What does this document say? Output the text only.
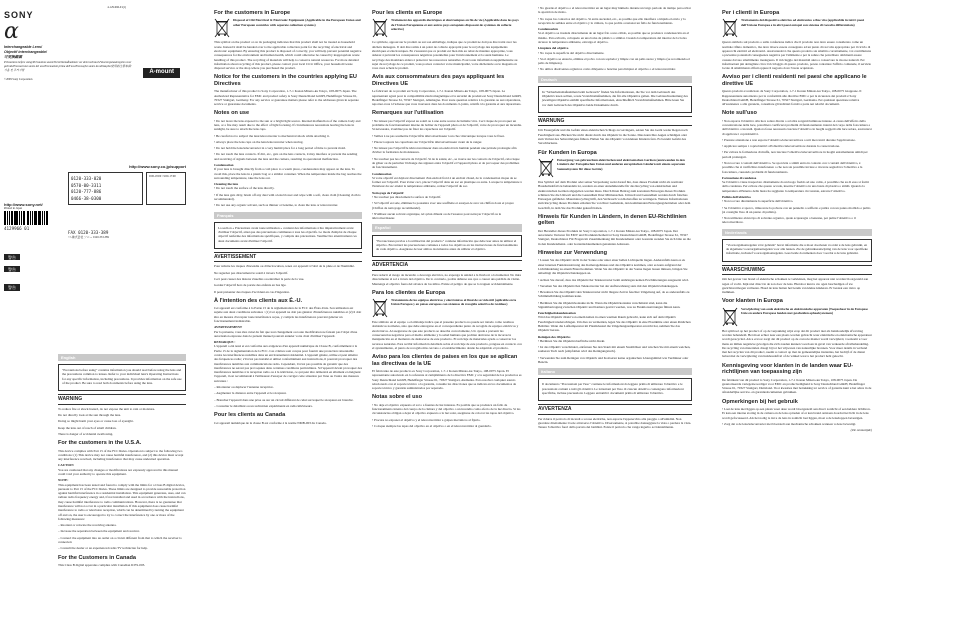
4-129-966-01(1)
SONY
α
Interchangeable Lens/
Objectif interchangeable/
可更換鏡頭
Précautions before using/Précautions avant/Vorsichtsmaßnahmen vor dem Gebrauch/Voorzorgsmaatregelen voor gebruik/Precauciones antes del uso/Precauzioni prima dell'uso/Precauções antes da utilização/使用前注意事項/사용 전 주의사항	A-mount
©2009 Sony Corporation
http://www.sony.co.jp/support
0120-333-020
0570-00-3311
0120-777-886
0466-38-0300
9:00-18:00 / 9:00-17:00
http://www.sony.net/
Printed in Japan
4129966 01
FAX 0120-333-389
××-株式会社 ソニー 0120-333-389
警告
警告
警告
English

"Precautions before using" contains information you should read before using the lens and the precautions common to lenses. Refer to your individual lens's Operating Instructions for any specific information, including precautions. It provides information on the safe use of the product. Be sure to read both documents before using the lens.

WARNING

To reduce fire or shock hazard, do not expose the unit to rain or moisture.

Do not directly look at the sun through the lens.

Doing so might harm your eyes or cause loss of eyesight.

Keep the lens out of reach of small children.

There is danger of accidental swallowing.

For the customers in the U.S.A.

This device complies with Part 15 of the FCC Rules. Operation is subject to the following two conditions: (1) This device may not cause harmful interference, and (2) this device must accept any interference received, including interference that may cause undesired operation.

CAUTION

You are cautioned that any changes or modifications not expressly approved in this manual could void your authority to operate this equipment.

NOTE:

This equipment has been tested and found to comply with the limits for a Class B digital device, pursuant to Part 15 of the FCC Rules. These limits are designed to provide reasonable protection against harmful interference in a residential installation. This equipment generates, uses, and can radiate radio frequency energy and, if not installed and used in accordance with the instructions, may cause harmful interference to radio communications. However, there is no guarantee that interference will not occur in a particular installation. If this equipment does cause harmful interference to radio or television reception, which can be determined by turning the equipment off and on, the user is encouraged to try to correct the interference by one or more of the following measures:

– Reorient or relocate the receiving antenna.

– Increase the separation between the equipment and receiver.

– Connect the equipment into an outlet on a circuit different from that to which the receiver is connected.

– Consult the dealer or an experienced radio/TV technician for help.

For the Customers in Canada

This Class B digital apparatus complies with Canadian ICES-003.

For the customers in Europe

Disposal of Old Electrical & Electronic Equipment (Applicable in the European Union and other European countries with separate collection systems)

This symbol on the product or on its packaging indicates that this product shall not be treated as household waste. Instead it shall be handed over to the applicable collection point for the recycling of electrical and electronic equipment. By ensuring this product is disposed of correctly, you will help prevent potential negative consequences for the environment and human health, which could otherwise be caused by inappropriate waste handling of this product. The recycling of materials will help to conserve natural resources. For more detailed information about recycling of this product, please contact your local Civic Office, your household waste disposal service or the shop where you purchased the product.

Notice for the customers in the countries applying EU Directives

The manufacturer of this product is Sony Corporation, 1-7-1 Konan Minato-ku Tokyo, 108-0075 Japan. The Authorized Representative for EMC and product safety is Sony Deutschland GmbH, Hedelfinger Strasse 61, 70327 Stuttgart, Germany. For any service or guarantee matters please refer to the addresses given in separate service or guarantee documents.

Notes on use

• Do not leave the lens exposed to the sun or a bright light source. Internal malfunction of the camera body and lens, or a fire may result due to the effect of light focusing. If circumstances necessitate leaving the lens in sunlight, be sure to attach the lens caps.

• Be careful not to subject the lens/teleconverter to mechanical shock while attaching it.

• Always place the lens caps on the lens/teleconverter when storing.

• Do not hold the lens/teleconverter in a very humid place for a long period of time to prevent mold.

• Do not touch the lens contacts. If dirt, etc., gets on the lens contacts, it may interfere or prevent the sending and receiving of signals between the lens and the camera, resulting in operational malfunction.

Condensation

If your lens is brought directly from a cold place to a warm place, condensation may appear on the lens. To avoid this, place the lens in a plastic bag or a similar container. When the temperature inside the bag reaches the surrounding temperature, take the lens out.

Cleaning the lens

• Do not touch the surface of the lens directly.

• If the lens gets dirty, brush off any dust with a lens blower and wipe with a soft, clean cloth (Cleaning cloth is recommended).

• Do not use any organic solvent, such as thinner or benzine, to clean the lens or teleconverter.

Français

La section « Précautions avant toute utilisation » contient des informations à lire impérativement avant d'utiliser l'objectif, ainsi que des précautions communes à tous les objectifs. Le mode d'emploi de chaque objectif renferme des informations spécifiques, y compris des précautions. Veuillez lire attentivement ces deux documents avant d'utiliser l'objectif.

AVERTISSEMENT

Pour réduire les risques d'incendie ou d'électrocution, tenez cet appareil à l'abri de la pluie et de l'humidité.

Ne regardez pas directement le soleil à travers l'objectif.

Ceci peut causer des lésions visuelles ou entraîner la perte de la vue.

Gardez l'objectif hors de portée des enfants en bas âge.

Il peut présenter des risques d'accident en cas d'ingestion.

À l'intention des clients aux É.-U.

Cet appareil est conforme à la Partie 15 de la réglementation de la FCC des États-Unis. Son utilisation est sujette aux deux conditions suivantes : (1) Cet appareil ne doit pas générer d'interférences nuisibles et (2) il doit être en mesure d'accepter toute interférence reçue, y compris les interférences pouvant générer un fonctionnement indésirable.

AVERTISSEMENT

Par la présente, vous êtes avisé du fait que tout changement ou toute modification ne faisant pas l'objet d'une autorisation expresse dans le présent manuel pourrait annuler votre droit d'utiliser l'appareil.

REMARQUE :

L'appareil a été testé et est conforme aux exigences d'un appareil numérique de Classe B, conformément à la Partie 15 de la réglementation de la FCC. Ces critères sont conçus pour fournir une protection raisonnable contre les interférences nuisibles dans un environnement résidentiel. L'appareil génère, utilise et peut émettre des fréquences radio; s'il n'est pas installé et utilisé conformément aux instructions, il pourrait provoquer des interférences nuisibles aux communications radio. Cependant, il n'est pas possible de garantir que des interférences ne seront pas provoquées dans certaines conditions particulières. Si l'appareil devait provoquer des interférences nuisibles à la réception radio ou à la télévision, ce qui peut être démontré en allumant et éteignant l'appareil, il est recommandé à l'utilisateur d'essayer de corriger cette situation par l'une ou l'autre des mesures suivantes :

– Réorienter ou déplacer l'antenne réceptrice.

– Augmenter la distance entre l'appareil et le récepteur.

– Brancher l'appareil dans une prise ou sur un circuit différent de celui sur lequel le récepteur est branché.

– Consulter le détaillant ou un technicien expérimenté en radio/téléviseurs.

Pour les clients au Canada

Cet appareil numérique de la classe B est conforme à la norme NMB-003 du Canada.

Pour les clients en Europe

Traitement des appareils électriques et électroniques en fin de vie (Applicable dans les pays de l'Union Européenne et aux autres pays européens disposant de systèmes de collecte sélective)

Ce symbole, apposé sur le produit ou sur son emballage, indique que ce produit ne doit pas être traité avec les déchets ménagers. Il doit être remis à un point de collecte approprié pour le recyclage des équipements électriques et électroniques. En s'assurant que ce produit est bien mis au rebut de manière appropriée, vous aiderez à prévenir les conséquences négatives potentielles pour l'environnement et la santé humaine. Le recyclage des matériaux aidera à préserver les ressources naturelles. Pour toute information supplémentaire au sujet du recyclage de ce produit, vous pouvez contacter votre municipalité, votre déchetterie ou le magasin où vous avez acheté le produit.

Avis aux consommateurs des pays appliquant les Directives UE

Le fabricant de ce produit est Sony Corporation, 1-7-1 Konan Minato-ku Tokyo, 108-0075 Japon. Le représentant agréé pour la compatibilité électromagnétique et la sécurité du produit est Sony Deutschland GmbH, Hedelfinger Strasse 61, 70327 Stuttgart, Allemagne. Pour toute question relative à la garantie ou aux réparations, reportez-vous à l'adresse que vous trouverez dans les documents ci-joints, relatifs à la garantie et aux réparations.

Remarques sur l'utilisation

• Ne laissez pas l'objectif exposé au soleil ou à une autre source de lumière vive. Ceci risque de provoquer un problème de fonctionnement interne du boîtier de l'appareil photo et de l'objectif, voire de provoquer un incendie. Si nécessaire, n'oubliez pas de fixer les capuchons sur l'objectif.

• Veillez à ne pas soumettre l'objectif/le téléconvertisseur à un choc mécanique lorsque vous le fixez.

• Placez toujours les capuchons sur l'objectif/le téléconvertisseur avant de le ranger.

• Ne laissez pas l'objectif/le téléconvertisseur dans un endroit très humide pendant une période prolongée afin d'éviter la formation de moisissures.

• Ne touchez pas les contacts de l'objectif. Si de la saleté, etc., se trouve sur les contacts de l'objectif, cela risque de gêner ou de perturber l'échange des signaux entre l'objectif et l'appareil photo et de provoquer des problèmes de fonctionnement.

Condensation

Si votre objectif est déplacé directement d'un endroit froid à un endroit chaud, de la condensation risque de se former sur l'objectif. Pour éviter ceci, placez l'objectif dans un sac en plastique ou autre. Lorsque la température à l'intérieur du sac atteint la température ambiante, retirez l'objectif du sac.

Nettoyage de l'objectif

• Ne touchez pas directement la surface de l'objectif.

• Si l'objectif est sale, éliminez la poussière avec une soufflette et essuyez-le avec un chiffon doux et propre (Chiffon de nettoyage recommandé).

• N'utilisez aucun solvant organique, tel qu'un diluant ou de l'essence pour nettoyer l'objectif ou le téléconvertisseur.

Español

"Precauciones previas a la utilización del producto" contiene información que debe leer antes de utilizar el objetivo. Encontrará las precauciones comunes a todos los objetivos en las instrucciones de funcionamiento de cada objetivo. Asegúrese de leer ambos documentos antes de utilizar el objetivo.

ADVERTENCIA

Para reducir el riesgo de incendio o descarga eléctrica, no exponga la unidad a la lluvia ni a la humedad. No mire directamente al sol a través del objetivo. De lo contrario, podría dañarse sus ojos o causar una pérdida de visión. Mantenga el objetivo fuera del alcance de los niños. Existe el peligro de que se lo traguen accidentalmente.

Para los clientes de Europa

Tratamiento de los equipos eléctricos y electrónicos al final de su vida útil (aplicable en la Unión Europea y en países europeos con sistemas de recogida selectiva de residuos)

Este símbolo en el equipo o el embalaje indica que el presente producto no puede ser tratado como residuos domésticos normales, sino que debe entregarse en el correspondiente punto de recogida de equipos eléctricos y electrónicos. Al asegurarse de que este producto se desecha correctamente, Ud. ayuda a prevenir las consecuencias negativas para el medio ambiente y la salud humana que podrían derivarse de la incorrecta manipulación en el momento de deshacerse de este producto. El reciclaje de materiales ayuda a conservar los recursos naturales. Para recibir información detallada sobre el reciclaje de este producto, póngase en contacto con el ayuntamiento, el punto de recogida más cercano o el establecimiento donde ha adquirido el producto.

Aviso para los clientes de países en los que se aplican las directivas de la UE

El fabricante de este producto es Sony Corporation, 1-7-1 Konan Minato-ku Tokyo, 108-0075 Japón. El representante autorizado en lo referente al cumplimiento de la directiva EMC y a la seguridad de los productos es Sony Deutschland GmbH, Hedelfinger Strasse 61, 70327 Stuttgart, Alemania. Para resolver cualquier asunto relacionado con el soporte técnico o la garantía, consulte las direcciones que se indican en los documentos de soporte técnico y garantía suministrados por separado.

Notas sobre el uso

• No deje el objetivo expuesto al sol o a fuentes de luz intensas. Es posible que se produzca un fallo de funcionamiento interno del cuerpo de la cámara y del objetivo o un incendio como efecto de la luz directa. Si las circunstancias obligan a dejar el objetivo expuesto a la luz solar, asegúrese de colocar las tapas del objetivo.

• Procure no exponer el objetivo y el teleconvertidor a golpes mecánicos al fijarlo.

• Coloque siempre las tapas del objetivo en el objetivo o en el teleconvertidor al guardarlo.

• No guarde el objetivo o el teleconvertidor en un lugar muy húmedo durante un largo período de tiempo para evitar la aparición de moho.

• No toque los contactos del objetivo. Si entra suciedad, etc., es posible que ello interfiera o impida el envío y la recepción de señales entre el objetivo y la cámara, lo que podría ocasionar un fallo de funcionamiento.

Condensación

Si el objetivo se traslada directamente de un lugar frío a uno cálido, es posible que se produzca condensación en el mismo. Para evitarlo, colóquelo en una bolsa de plástico o similar. Cuando la temperatura del interior de la bolsa alcance la temperatura ambiente, extraiga el objetivo.

Limpieza del objetivo

• No toque la superficie del objetivo directamente.

• Si el objetivo se ensucia, elimine el polvo con un soplador y limpie con un paño suave y limpio (se recomienda el paño de limpieza).

• No utilice disolventes orgánicos como diluyente o bencina para limpiar el objetivo o el teleconvertidor.

Deutsch

In "Sicherheitsmaßnahmen beim Gebrauch" finden Sie Informationen, die Sie vor dem Gebrauch des Objektivs lesen sollten, sowie Vorsichtsmaßnahmen, die für alle Objektive gelten. Die Gebrauchsanleitung des jeweiligen Objektivs enthält spezifische Informationen, einschließlich Vorsichtsmaßnahmen. Bitte lesen Sie vor dem Gebrauch des Objektivs beide Dokumente durch.

WARNUNG

Um Feuergefahr und die Gefahr eines elektrischen Schlags zu verringern, setzen Sie das Gerät weder Regen noch Feuchtigkeit aus. Blicken Sie nicht direkt durch das Objektiv in die Sonne. Dies kann Ihre Augen schädigen oder zum Verlust des Sehvermögens führen. Halten Sie das Objektiv von kleinen Kindern fern. Es besteht Gefahr des Verschluckens.

Für Kunden in Europa

Entsorgung von gebrauchten elektrischen und elektronischen Geräten (anzuwenden in den Ländern der Europäischen Union und anderen europäischen Ländern mit einem separaten Sammelsystem für diese Geräte)

Das Symbol auf dem Produkt oder seiner Verpackung weist darauf hin, dass dieses Produkt nicht als normaler Haushaltsabfall zu behandeln ist, sondern an einer Annahmestelle für das Recycling von elektrischen und elektronischen Geräten abgegeben werden muss. Durch Ihren Beitrag zum korrekten Entsorgen dieses Produkts schützen Sie die Umwelt und die Gesundheit Ihrer Mitmenschen. Umwelt und Gesundheit werden durch falsches Entsorgen gefährdet. Materialrecycling hilft, den Verbrauch von Rohstoffen zu verringern. Weitere Informationen zum Recycling dieses Produkts erhalten Sie von Ihrer Gemeinde, den kommunalen Entsorgungsbetrieben oder dem Geschäft, in dem Sie das Produkt gekauft haben.

Hinweis für Kunden in Ländern, in denen EU-Richtlinien gelten

Der Hersteller dieses Produkts ist Sony Corporation, 1-7-1 Konan Minato-ku Tokyo, 108-0075 Japan. Der autorisierte Vertreter für EMV und Produktsicherheit ist Sony Deutschland GmbH, Hedelfinger Strasse 61, 70327 Stuttgart, Deutschland. Für Fragen im Zusammenhang mit Kundendienst oder Garantie wenden Sie sich bitte an die in den Kundendienst- oder Garantiedokumenten genannten Adressen.

Hinweise zur Verwendung

• Lassen Sie das Objektiv nicht in der Sonne oder unter einer hellen Lichtquelle liegen. Anderenfalls kann es zu einer internen Funktionsstörung des Kameragehäuses und des Objektivs kommen, oder es kann aufgrund der Lichtbündelung zu einem Brand kommen. Wenn Sie das Objektiv in der Sonne liegen lassen müssen, bringen Sie unbedingt die Objektivschutzkappen an.

• Achten Sie darauf, dass das Objektiv/der Telekonverter beim Anbringen keinen Erschütterungen ausgesetzt wird.

• Versehen Sie das Objektiv/den Telekonverter bei der Aufbewahrung stets mit den Objektivschutzkappen.

• Bewahren Sie das Objektiv/den Telekonverter nicht längere Zeit in feuchter Umgebung auf, da es anderenfalls zu Schimmelbildung kommen kann.

• Berühren Sie die Objektivkontakte nicht. Wenn die Objektivkontakte verschmutzt sind, kann die Signalübertragung zwischen Objektiv und Kamera gestört werden, was zu Funktionsstörungen führen kann.

Feuchtigkeitskondensation

Wird das Objektiv direkt von einem kalten in einen warmen Raum gebracht, kann sich auf dem Objektiv Feuchtigkeit niederschlagen. Um dies zu vermeiden, legen Sie das Objektiv in eine Plastiktüte oder einen ähnlichen Behälter. Wenn die Lufttemperatur im Plastikbeutel die Umgebungstemperatur erreicht hat, nehmen Sie das Objektiv heraus.

Reinigen des Objektivs

• Berühren Sie die Objektivoberfläche nicht direkt.

• Ist das Objektiv verschmutzt, entfernen Sie den Staub mit einem Staubbläser und wischen Sie mit einem weichen, sauberen Tuch nach (empfohlen wird das Reinigungstuch).

• Verwenden Sie zum Reinigen von Objektiv und Konverter keine organischen Lösungsmittel wie Verdünner oder Benzin.

Italiano

Il documento "Precauzioni per l'uso" contiene le informazioni da leggere prima di utilizzare l'obiettivo e le precauzioni comuni a tutti gli obiettivi. Le istruzioni per l'uso di ciascun obiettivo contengono informazioni specifiche, incluse precauzioni. Leggere entrambi i documenti prima di utilizzare l'obiettivo.

AVVERTENZA

Per ridurre il pericolo di incendi o scosse elettriche, non esporre l'apparecchio alla pioggia o all'umidità. Non guardare direttamente il sole attraverso l'obiettivo. Diversamente, si potrebbe danneggiare la vista o perdere la vista. Tenere l'obiettivo fuori dalla portata dei bambini. Esiste il pericolo che venga ingerito accidentalmente.

Per i clienti in Europa

Trattamento del dispositivo elettrico od elettronico a fine vita (applicabile in tutti i paesi dell'Unione Europea e in altri paesi europei con sistema di raccolta differenziata)

Questo simbolo sul prodotto o sulla confezione indica che il prodotto non deve essere considerato come un normale rifiuto domestico, ma deve invece essere consegnato ad un punto di raccolta appropriato per il riciclo di apparecchi elettrici ed elettronici. Assicurandovi che questo prodotto sia smaltito correttamente, voi contribuirete a prevenire potenziali conseguenze negative per l'ambiente e per la salute che potrebbero altrimenti essere causate dal suo smaltimento inadeguato. Il riciclaggio dei materiali aiuta a conservare le risorse naturali. Per informazioni più dettagliate circa il riciclaggio di questo prodotto, potete contattare l'ufficio comunale, il servizio locale di smaltimento rifiuti oppure il negozio dove l'avete acquistato.

Avviso per i clienti residenti nei paesi che applicano le direttive UE

Questo prodotto è realizzato da Sony Corporation, 1-7-1 Konan Minato-ku Tokyo, 108-0075 Giappone. Il Rappresentante autorizzato per la conformità alle direttive EMC e per la sicurezza dei prodotti è Sony Deutschland GmbH, Hedelfinger Strasse 61, 70327 Stuttgart, Germania. Per qualsiasi questione relativa all'assistenza o alla garanzia, consultare gli indirizzi forniti a parte nei relativi documenti.

Note sull'uso

• Non esporre l'obiettivo alla luce solare diretta o ad altre sorgenti luminose intense. A causa dell'effetto della concentrazione della luce, potrebbero verificarsi problemi di funzionamento interni del corpo della fotocamera e dell'obiettivo o incendi. Qualora fosse necessario lasciare l'obiettivo in luoghi soggetti alla luce solare, assicurarsi di applicare i copriobiettivi.

• Prestare attenzione a non esporre l'obiettivo/teleconvertitore a urti meccanici durante l'applicazione.

• Applicare sempre i copriobiettivi all'obiettivo/teleconvertitore durante la conservazione.

• Per evitare la formazione di muffa, non lasciare l'obiettivo/teleconvertitore in luoghi estremamente umidi per periodi prolungati.

• Non toccare i contatti dell'obiettivo. Se sporcizia o simili entra in contatto con i contatti dell'obiettivo, è possibile che si verifichino interferenze o che non sia possibile inviare e ricevere segnali tra l'obiettivo e la fotocamera, causando problemi di funzionamento.

Formazione di condensa

Se l'obiettivo viene trasportato direttamente da un luogo freddo ad uno caldo, è possibile che su di esso si formi della condensa. Per evitare che questo accada, inserire l'obiettivo in una busta di plastica o simili. Quando la temperatura all'interno della busta ha raggiunto la temperatura circostante, estrarre l'obiettivo.

Pulizia dell'obiettivo

• Non toccare direttamente la superficie dell'obiettivo.

• Se l'obiettivo è sporco, rimuovere la polvere con un pennello a soffietto e pulire con un panno morbido e pulito (si consiglia l'uso di un panno di pulizia).

• Non utilizzare alcun tipo di solvente organico, quale acquaragia o benzene, per pulire l'obiettivo o il teleconvertitore.

Nederlands

"Voorzorgsmaatregelen vóór gebruik" bevat informatie die u moet doorlezen voordat u de lens gebruikt, en de algemene voorzorgsmaatregelen voor alle lenzen. Zie de gebruiksaanwijzing van de lens voor specifieke informatie, inclusief voorzorgsmaatregelen. Lees beide documenten door voordat u de lens gebruikt.

WAARSCHUWING

Om het gevaar van brand of elektrische schokken te verkleinen, mag het apparaat niet worden blootgesteld aan regen of vocht. Kijk niet direct in de zon door de lens. Hierdoor kunt u uw ogen beschadigen of uw gezichtsvermogen verliezen. Houd de lens buiten het bereik van kleine kinderen. Er bestaat een risico op inslikken.

Voor klanten in Europa

Verwijdering van oude elektrische en elektronische apparaten (Toepasbaar in de Europese Unie en andere Europese landen met gescheiden ophaalsystemen)

Het symbool op het product of op de verpakking wijst erop dat dit product niet als huishoudelijk afval mag worden behandeld. Het moet echter naar een plaats worden gebracht waar elektrische en elektronische apparatuur wordt gerecycled. Als u ervoor zorgt dat dit product op de correcte manier wordt verwijderd, voorkomt u voor mens en milieu negatieve gevolgen die zich zouden kunnen voordoen in geval van verkeerde afvalbehandeling. De recycling van materialen draagt bij tot het vrijwaren van natuurlijke bronnen. Voor meer details in verband met het recyclen van dit product, neemt u contact op met de gemeentelijke instanties, het bedrijf of de dienst belast met de verwijdering van huishoudafval of de winkel waar u het product hebt gekocht.

Kennisgeving voor klanten in de landen waar EU-richtlijnen van toepassing zijn

De fabrikant van dit product is Sony Corporation, 1-7-1 Konan Minato-ku Tokyo, 108-0075 Japan. De geautoriseerde vertegenwoordiger voor EMC en productveiligheid is Sony Deutschland GmbH, Hedelfinger Strasse 61, 70327 Stuttgart, Duitsland. Voor kwesties met betrekking tot service of garantie kunt u het adres in de afzonderlijke service- en garantiedocumenten gebruiken.

Opmerkingen bij het gebruik

• Laat de lens niet liggen op een plaats waar deze wordt blootgesteld aan direct zonlicht of een heldere lichtbron. Er kan een interne storing in de camera en de lens optreden of er kan brand ontstaan doordat het licht in de lens wordt gefocusseerd. Als het nodig is dat u de lens in zonlicht laat liggen, moet u de lensdoppen bevestigen.

• Zorg dat u de lens/teleconverter niet blootstelt aan mechanische schokken wanneer u deze bevestigt.

(Zie ommezijde)
